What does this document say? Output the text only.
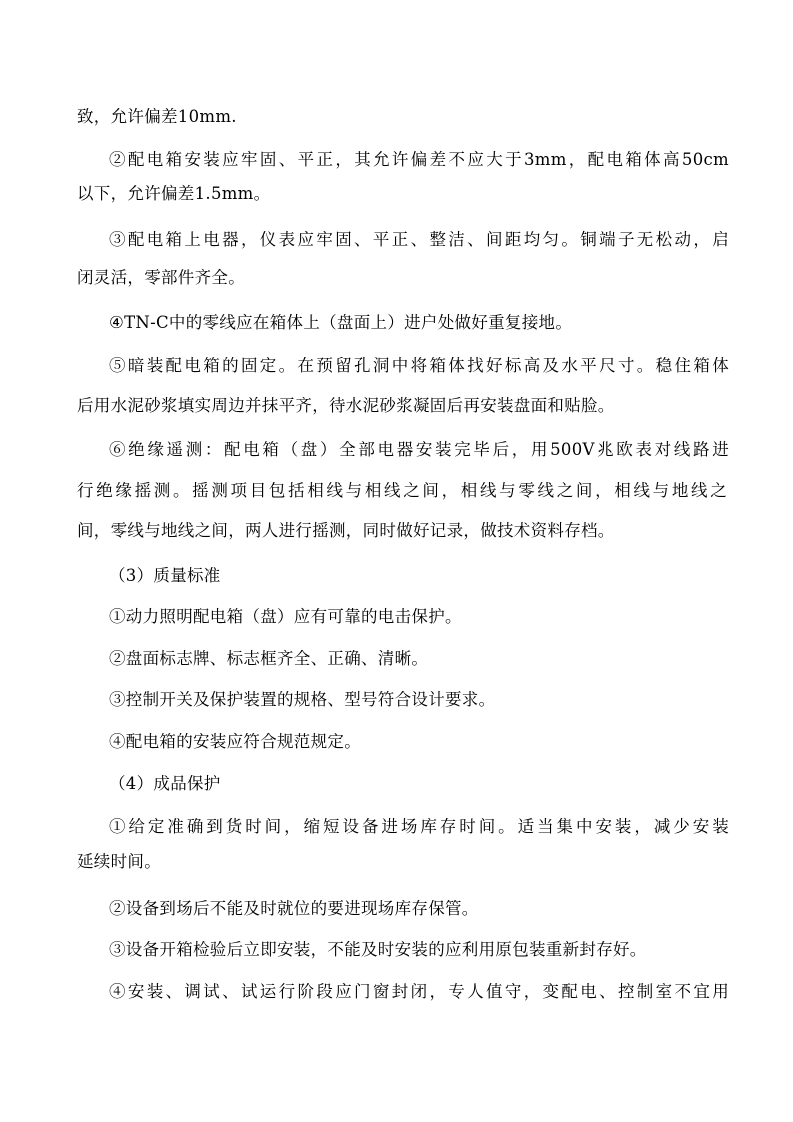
致，允许偏差10mm.
②配电箱安装应牢固、平正，其允许偏差不应大于3mm，配电箱体高50cm
以下，允许偏差1.5mm。
③配电箱上电器，仪表应牢固、平正、整洁、间距均匀。铜端子无松动，启
闭灵活，零部件齐全。
④TN-C中的零线应在箱体上（盘面上）进户处做好重复接地。
⑤暗装配电箱的固定。在预留孔洞中将箱体找好标高及水平尺寸。稳住箱体
后用水泥砂浆填实周边并抹平齐，待水泥砂浆凝固后再安装盘面和贴脸。
⑥绝缘遥测：配电箱（盘）全部电器安装完毕后，用500V兆欧表对线路进
行绝缘摇测。摇测项目包括相线与相线之间，相线与零线之间，相线与地线之
间，零线与地线之间，两人进行摇测，同时做好记录，做技术资料存档。
（3）质量标准
①动力照明配电箱（盘）应有可靠的电击保护。
②盘面标志牌、标志框齐全、正确、清晰。
③控制开关及保护装置的规格、型号符合设计要求。
④配电箱的安装应符合规范规定。
（4）成品保护
①给定准确到货时间，缩短设备进场库存时间。适当集中安装，减少安装
延续时间。
②设备到场后不能及时就位的要进现场库存保管。
③设备开箱检验后立即安装，不能及时安装的应利用原包装重新封存好。
④安装、调试、试运行阶段应门窗封闭，专人值守，变配电、控制室不宜用
